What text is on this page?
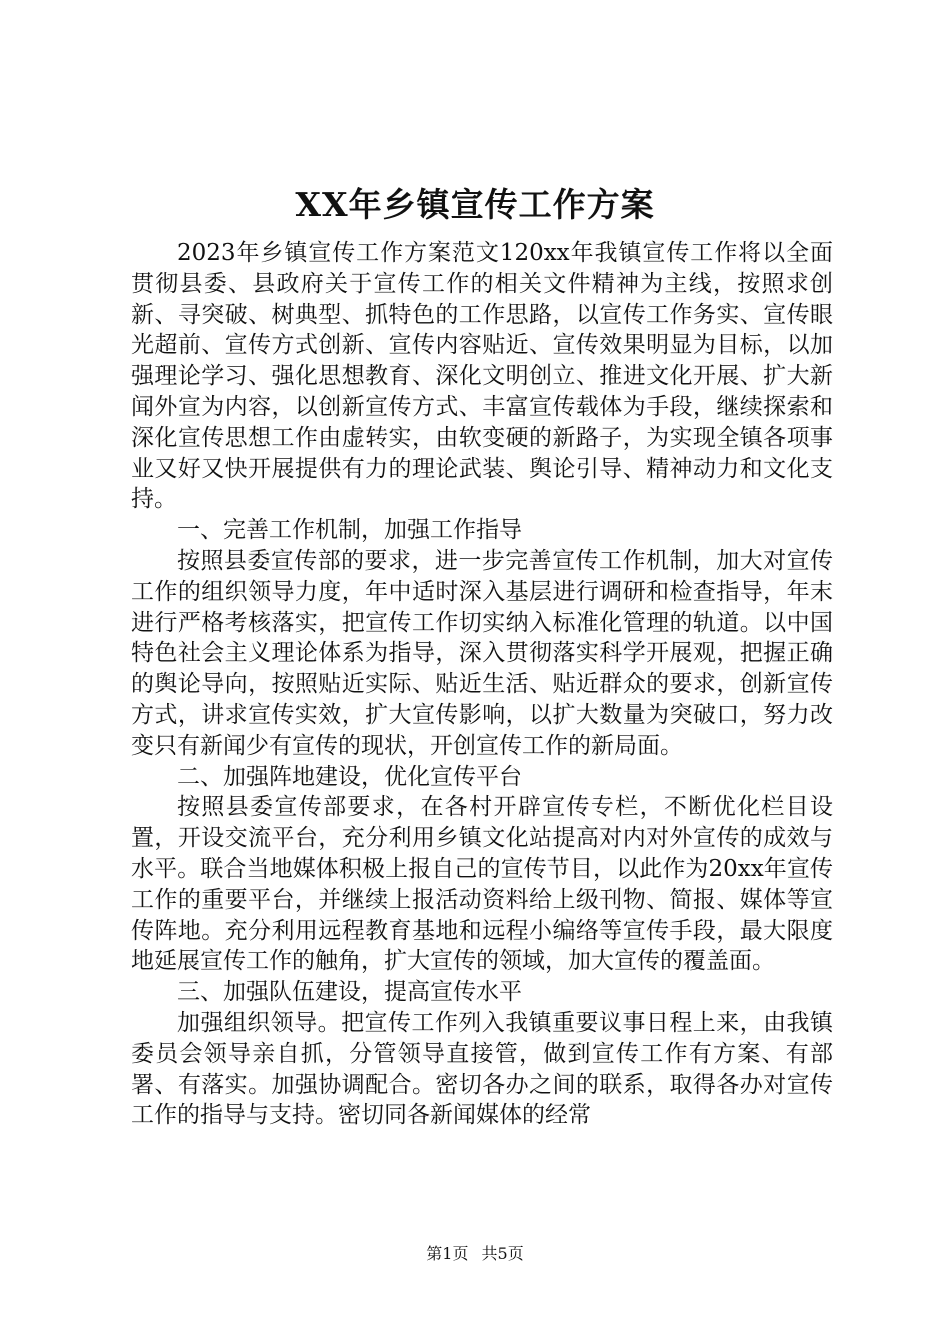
XX年乡镇宣传工作方案

2023年乡镇宣传工作方案范文120xx年我镇宣传工作将以全面贯彻县委、县政府关于宣传工作的相关文件精神为主线，按照求创新、寻突破、树典型、抓特色的工作思路，以宣传工作务实、宣传眼光超前、宣传方式创新、宣传内容贴近、宣传效果明显为目标，以加强理论学习、强化思想教育、深化文明创立、推进文化开展、扩大新闻外宣为内容，以创新宣传方式、丰富宣传载体为手段，继续探索和深化宣传思想工作由虚转实，由软变硬的新路子，为实现全镇各项事业又好又快开展提供有力的理论武装、舆论引导、精神动力和文化支持。

一、完善工作机制，加强工作指导

按照县委宣传部的要求，进一步完善宣传工作机制，加大对宣传工作的组织领导力度，年中适时深入基层进行调研和检查指导，年末进行严格考核落实，把宣传工作切实纳入标准化管理的轨道。以中国特色社会主义理论体系为指导，深入贯彻落实科学开展观，把握正确的舆论导向，按照贴近实际、贴近生活、贴近群众的要求，创新宣传方式，讲求宣传实效，扩大宣传影响，以扩大数量为突破口，努力改变只有新闻少有宣传的现状，开创宣传工作的新局面。

二、加强阵地建设，优化宣传平台

按照县委宣传部要求，在各村开辟宣传专栏，不断优化栏目设置，开设交流平台，充分利用乡镇文化站提高对内对外宣传的成效与水平。联合当地媒体积极上报自己的宣传节目，以此作为20xx年宣传工作的重要平台，并继续上报活动资料给上级刊物、简报、媒体等宣传阵地。充分利用远程教育基地和远程小编络等宣传手段，最大限度地延展宣传工作的触角，扩大宣传的领域，加大宣传的覆盖面。

三、加强队伍建设，提高宣传水平

加强组织领导。把宣传工作列入我镇重要议事日程上来，由我镇委员会领导亲自抓，分管领导直接管，做到宣传工作有方案、有部署、有落实。加强协调配合。密切各办之间的联系，取得各办对宣传工作的指导与支持。密切同各新闻媒体的经常

第1页 共5页
